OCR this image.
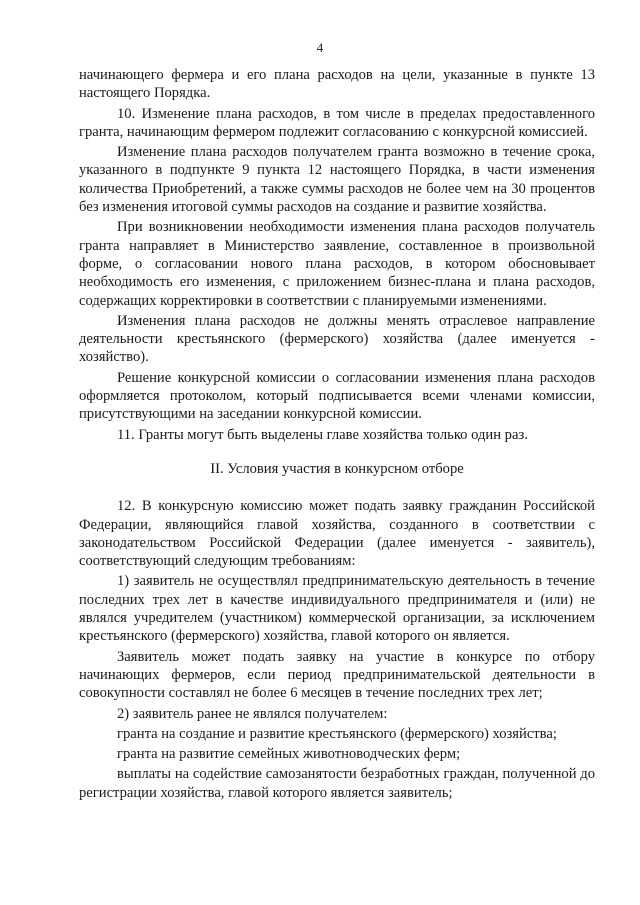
4

начинающего фермера и его плана расходов на цели, указанные в пункте 13 настоящего Порядка.

10. Изменение плана расходов, в том числе в пределах предоставленного гранта, начинающим фермером подлежит согласованию с конкурсной комиссией.

Изменение плана расходов получателем гранта возможно в течение срока, указанного в подпункте 9 пункта 12 настоящего Порядка, в части изменения количества Приобретений, а также суммы расходов не более чем на 30 процентов без изменения итоговой суммы расходов на создание и развитие хозяйства.

При возникновении необходимости изменения плана расходов получатель гранта направляет в Министерство заявление, составленное в произвольной форме, о согласовании нового плана расходов, в котором обосновывает необходимость его изменения, с приложением бизнес-плана и плана расходов, содержащих корректировки в соответствии с планируемыми изменениями.

Изменения плана расходов не должны менять отраслевое направление деятельности крестьянского (фермерского) хозяйства (далее именуется - хозяйство).

Решение конкурсной комиссии о согласовании изменения плана расходов оформляется протоколом, который подписывается всеми членами комиссии, присутствующими на заседании конкурсной комиссии.

11. Гранты могут быть выделены главе хозяйства только один раз.

II. Условия участия в конкурсном отборе

12. В конкурсную комиссию может подать заявку гражданин Российской Федерации, являющийся главой хозяйства, созданного в соответствии с законодательством Российской Федерации (далее именуется - заявитель), соответствующий следующим требованиям:

1) заявитель не осуществлял предпринимательскую деятельность в течение последних трех лет в качестве индивидуального предпринимателя и (или) не являлся учредителем (участником) коммерческой организации, за исключением крестьянского (фермерского) хозяйства, главой которого он является.

Заявитель может подать заявку на участие в конкурсе по отбору начинающих фермеров, если период предпринимательской деятельности в совокупности составлял не более 6 месяцев в течение последних трех лет;

2) заявитель ранее не являлся получателем:

гранта на создание и развитие крестьянского (фермерского) хозяйства;

гранта на развитие семейных животноводческих ферм;

выплаты на содействие самозанятости безработных граждан, полученной до регистрации хозяйства, главой которого является заявитель;
